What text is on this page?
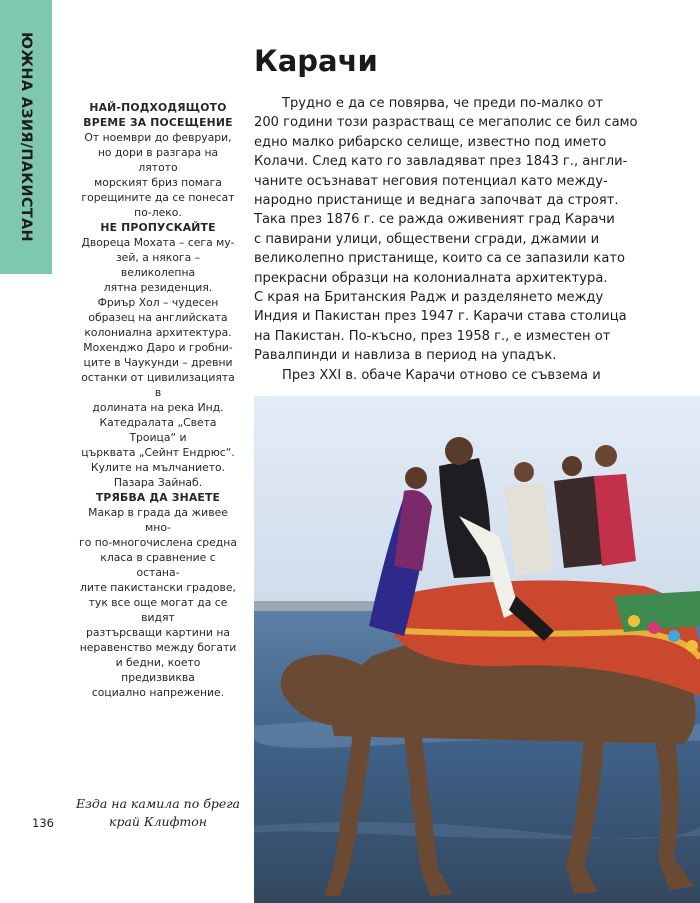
ЮЖНА АЗИЯ/ПАКИСТАН	НАЙ-ПОДХОДЯЩОТО
ВРЕМЕ ЗА ПОСЕЩЕНИЕ
От ноември до февруари,
но дори в разгара на лятото
морският бриз помага
горещините да се понесат
по-леко.
НЕ ПРОПУСКАЙТЕ
Двореца Мохата – сега му-
зей, а някога – великолепна
лятна резиденция.
Фриър Хол – чудесен
образец на английската
колониална архитектура.
Мохенджо Даро и гробни-
ците в Чаукунди – древни
останки от цивилизацията в
долината на река Инд.
Катедралата „Света Троица“ и
църквата „Сейнт Ендрюс“.
Кулите на мълчанието.
Пазара Зайнаб.
ТРЯБВА ДА ЗНАЕТЕ
Макар в града да живее мно-
го по-многочислена средна
класа в сравнение с остана-
лите пакистански градове,
тук все още могат да се видят
разтърсващи картини на
неравенство между богати
и бедни, което предизвиква
социално напрежение.
Карачи

Трудно е да се повярва, че преди по-малко от
200 години този разрастващ се мегаполис се бил само
едно малко рибарско селище, известно под името
Колачи. След като го завладяват през 1843 г., англи-
чаните осъзнават неговия потенциал като между-
народно пристанище и веднага започват да строят.
Така през 1876 г. се ражда оживеният град Карачи
с павирани улици, обществени сгради, джамии и
великолепно пристанище, които са се запазили като
прекрасни образци на колониалната архитектура.
С края на Британския Радж и разделянето между
Индия и Пакистан през 1947 г. Карачи става столица
на Пакистан. По-късно, през 1958 г., е изместен от
Равалпинди и навлиза в период на упадък.

През XXI в. обаче Карачи отново се съвзема и

Езда на камила по брега
край Клифтон
136
